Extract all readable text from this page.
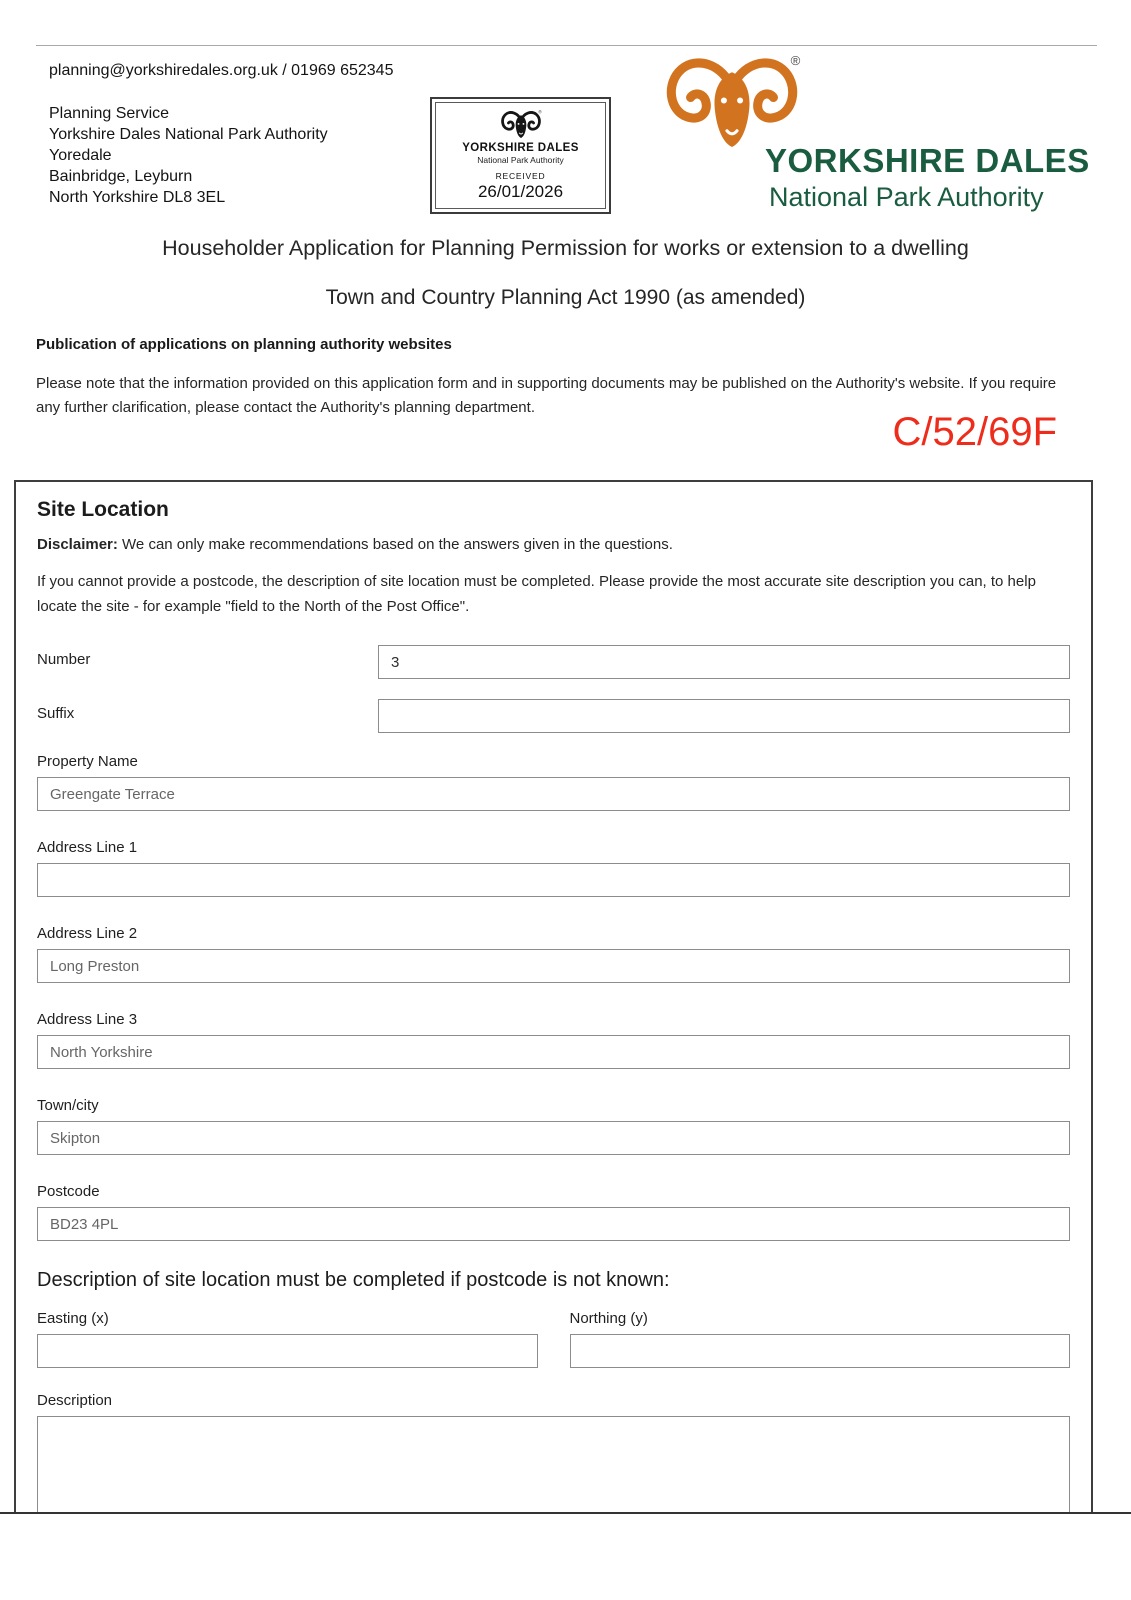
planning@yorkshiredales.org.uk / 01969 652345
Planning Service
Yorkshire Dales National Park Authority
Yoredale
Bainbridge, Leyburn
North Yorkshire DL8 3EL
®
YORKSHIRE DALES
National Park Authority
RECEIVED
26/01/2026
®
YORKSHIRE DALES
National Park Authority
Householder Application for Planning Permission for works or extension to a dwelling
Town and Country Planning Act 1990 (as amended)
Publication of applications on planning authority websites

Please note that the information provided on this application form and in supporting documents may be published on the Authority's website. If you require any further clarification, please contact the Authority's planning department.

C/52/69F
Site Location

Disclaimer: We can only make recommendations based on the answers given in the questions.

If you cannot provide a postcode, the description of site location must be completed. Please provide the most accurate site description you can, to help locate the site - for example "field to the North of the Post Office".

Number
3
Suffix
Property Name
Greengate Terrace
Address Line 1
Address Line 2
Long Preston
Address Line 3
North Yorkshire
Town/city
Skipton
Postcode
BD23 4PL
Description of site location must be completed if postcode is not known:
Easting (x)	Northing (y)
Description
